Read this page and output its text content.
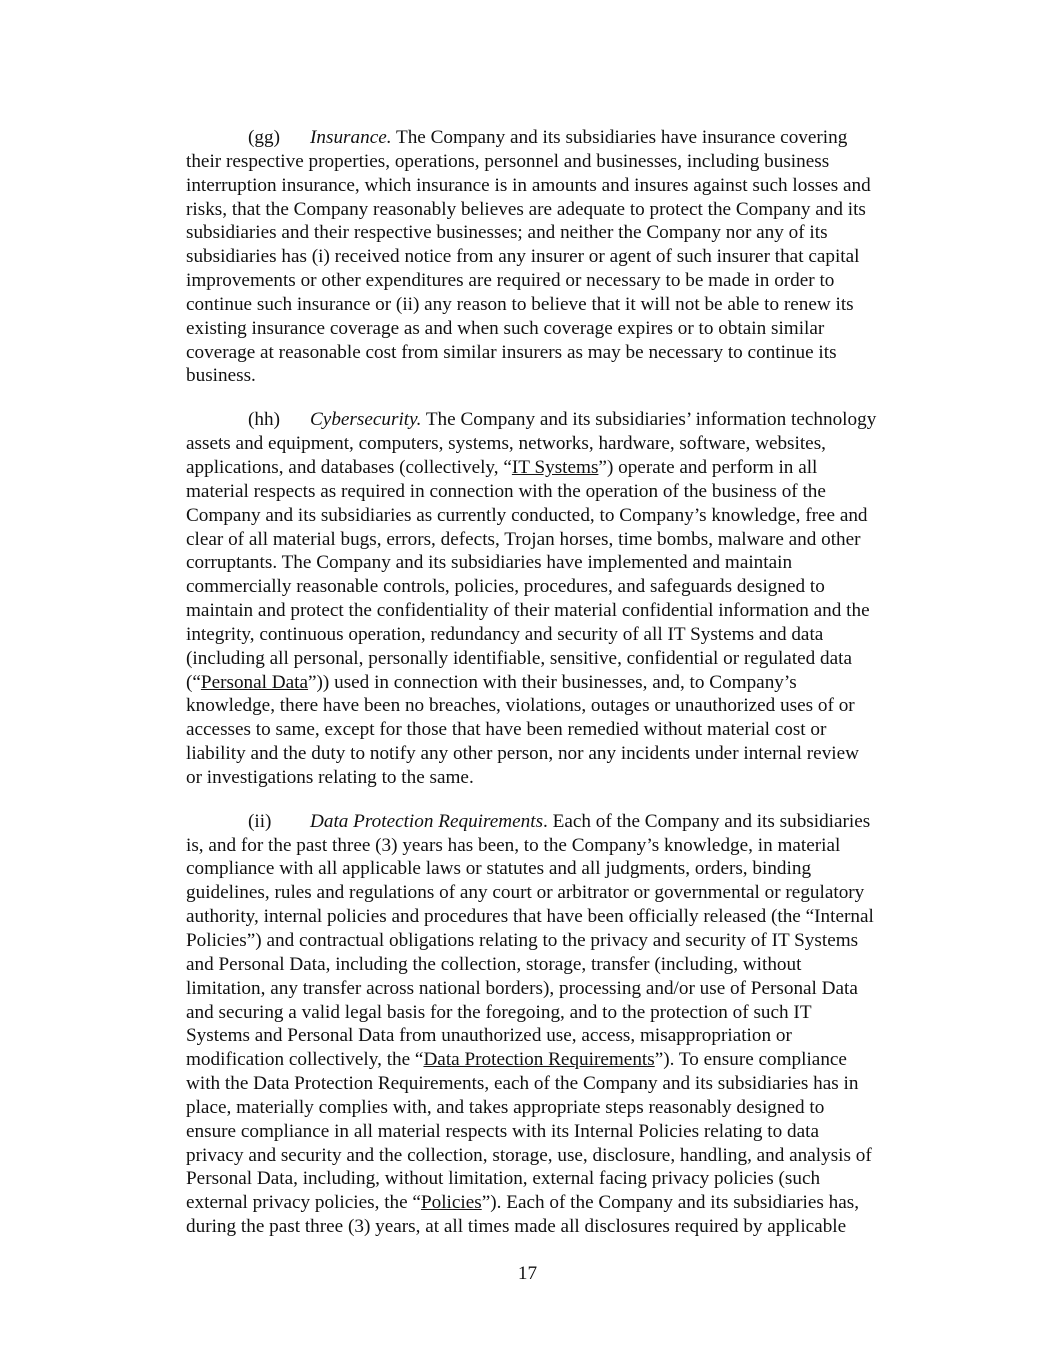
(gg) Insurance. The Company and its subsidiaries have insurance covering
their respective properties, operations, personnel and businesses, including business
interruption insurance, which insurance is in amounts and insures against such losses and
risks, that the Company reasonably believes are adequate to protect the Company and its
subsidiaries and their respective businesses; and neither the Company nor any of its
subsidiaries has (i) received notice from any insurer or agent of such insurer that capital
improvements or other expenditures are required or necessary to be made in order to
continue such insurance or (ii) any reason to believe that it will not be able to renew its
existing insurance coverage as and when such coverage expires or to obtain similar
coverage at reasonable cost from similar insurers as may be necessary to continue its
business.

(hh) Cybersecurity. The Company and its subsidiaries’ information technology
assets and equipment, computers, systems, networks, hardware, software, websites,
applications, and databases (collectively, “IT Systems”) operate and perform in all
material respects as required in connection with the operation of the business of the
Company and its subsidiaries as currently conducted, to Company’s knowledge, free and
clear of all material bugs, errors, defects, Trojan horses, time bombs, malware and other
corruptants. The Company and its subsidiaries have implemented and maintain
commercially reasonable controls, policies, procedures, and safeguards designed to
maintain and protect the confidentiality of their material confidential information and the
integrity, continuous operation, redundancy and security of all IT Systems and data
(including all personal, personally identifiable, sensitive, confidential or regulated data
(“Personal Data”)) used in connection with their businesses, and, to Company’s
knowledge, there have been no breaches, violations, outages or unauthorized uses of or
accesses to same, except for those that have been remedied without material cost or
liability and the duty to notify any other person, nor any incidents under internal review
or investigations relating to the same.

(ii) Data Protection Requirements. Each of the Company and its subsidiaries
is, and for the past three (3) years has been, to the Company’s knowledge, in material
compliance with all applicable laws or statutes and all judgments, orders, binding
guidelines, rules and regulations of any court or arbitrator or governmental or regulatory
authority, internal policies and procedures that have been officially released (the “Internal
Policies”) and contractual obligations relating to the privacy and security of IT Systems
and Personal Data, including the collection, storage, transfer (including, without
limitation, any transfer across national borders), processing and/or use of Personal Data
and securing a valid legal basis for the foregoing, and to the protection of such IT
Systems and Personal Data from unauthorized use, access, misappropriation or
modification collectively, the “Data Protection Requirements”). To ensure compliance
with the Data Protection Requirements, each of the Company and its subsidiaries has in
place, materially complies with, and takes appropriate steps reasonably designed to
ensure compliance in all material respects with its Internal Policies relating to data
privacy and security and the collection, storage, use, disclosure, handling, and analysis of
Personal Data, including, without limitation, external facing privacy policies (such
external privacy policies, the “Policies”). Each of the Company and its subsidiaries has,
during the past three (3) years, at all times made all disclosures required by applicable

17
